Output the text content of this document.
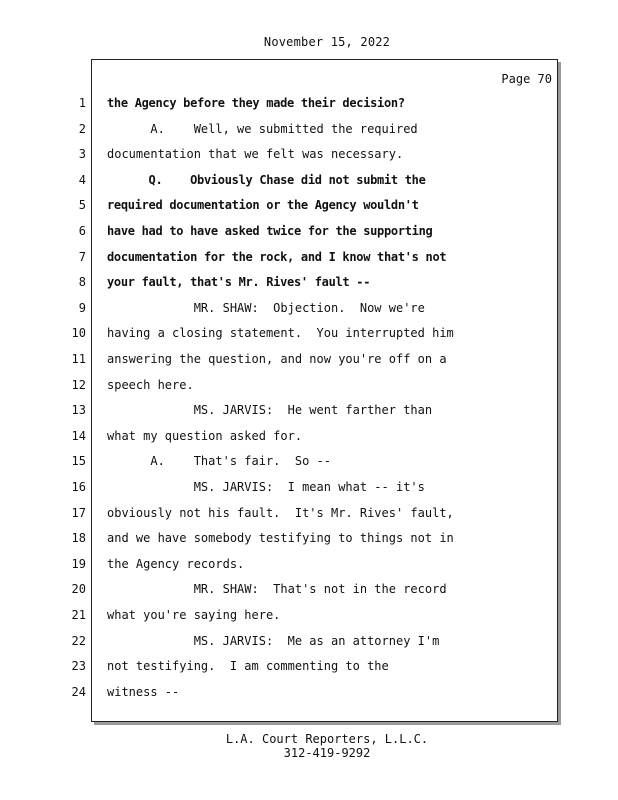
November 15, 2022
Page 70
1 the Agency before they made their decision?
2 A.    Well, we submitted the required
3 documentation that we felt was necessary.
4 Q.    Obviously Chase did not submit the
5 required documentation or the Agency wouldn't
6 have had to have asked twice for the supporting
7 documentation for the rock, and I know that's not
8 your fault, that's Mr. Rives' fault --
9 MR. SHAW:  Objection.  Now we're
10 having a closing statement.  You interrupted him
11 answering the question, and now you're off on a
12 speech here.
13 MS. JARVIS:  He went farther than
14 what my question asked for.
15 A.    That's fair.  So --
16 MS. JARVIS:  I mean what -- it's
17 obviously not his fault.  It's Mr. Rives' fault,
18 and we have somebody testifying to things not in
19 the Agency records.
20 MR. SHAW:  That's not in the record
21 what you're saying here.
22 MS. JARVIS:  Me as an attorney I'm
23 not testifying.  I am commenting to the
24 witness --
L.A. Court Reporters, L.L.C.
312-419-9292
